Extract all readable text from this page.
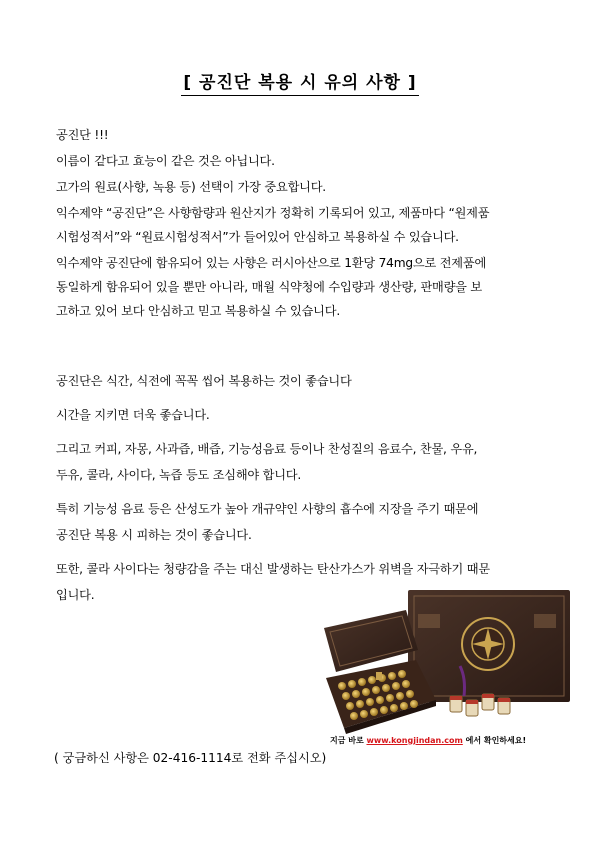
[ 공진단 복용 시 유의 사항 ]

공진단 !!!

이름이 같다고 효능이 같은 것은 아닙니다.

고가의 원료(사향, 녹용 등) 선택이 가장 중요합니다.

익수제약 “공진단”은 사향함량과 원산지가 정확히 기록되어 있고, 제품마다 “원제품

시험성적서”와 “원료시험성적서”가 들어있어 안심하고 복용하실 수 있습니다.

익수제약 공진단에 함유되어 있는 사향은 러시아산으로 1환당 74mg으로 전제품에

동일하게 함유되어 있을 뿐만 아니라, 매월 식약청에 수입량과 생산량, 판매량을 보

고하고 있어 보다 안심하고 믿고 복용하실 수 있습니다.

공진단은 식간, 식전에 꼭꼭 씹어 복용하는 것이 좋습니다

시간을 지키면 더욱 좋습니다.

그리고 커피, 자몽, 사과즙, 배즙, 기능성음료 등이나 찬성질의 음료수, 찬물, 우유,

두유, 콜라, 사이다, 녹즙 등도 조심해야 합니다.

특히 기능성 음료 등은 산성도가 높아 개규약인 사향의 흡수에 지장을 주기 때문에

공진단 복용 시 피하는 것이 좋습니다.

또한, 콜라 사이다는 청량감을 주는 대신 발생하는 탄산가스가 위벽을 자극하기 때문

입니다.

지금 바로 www.kongjindan.com 에서 확인하세요!
( 궁금하신 사항은 02-416-1114로 전화 주십시오)
